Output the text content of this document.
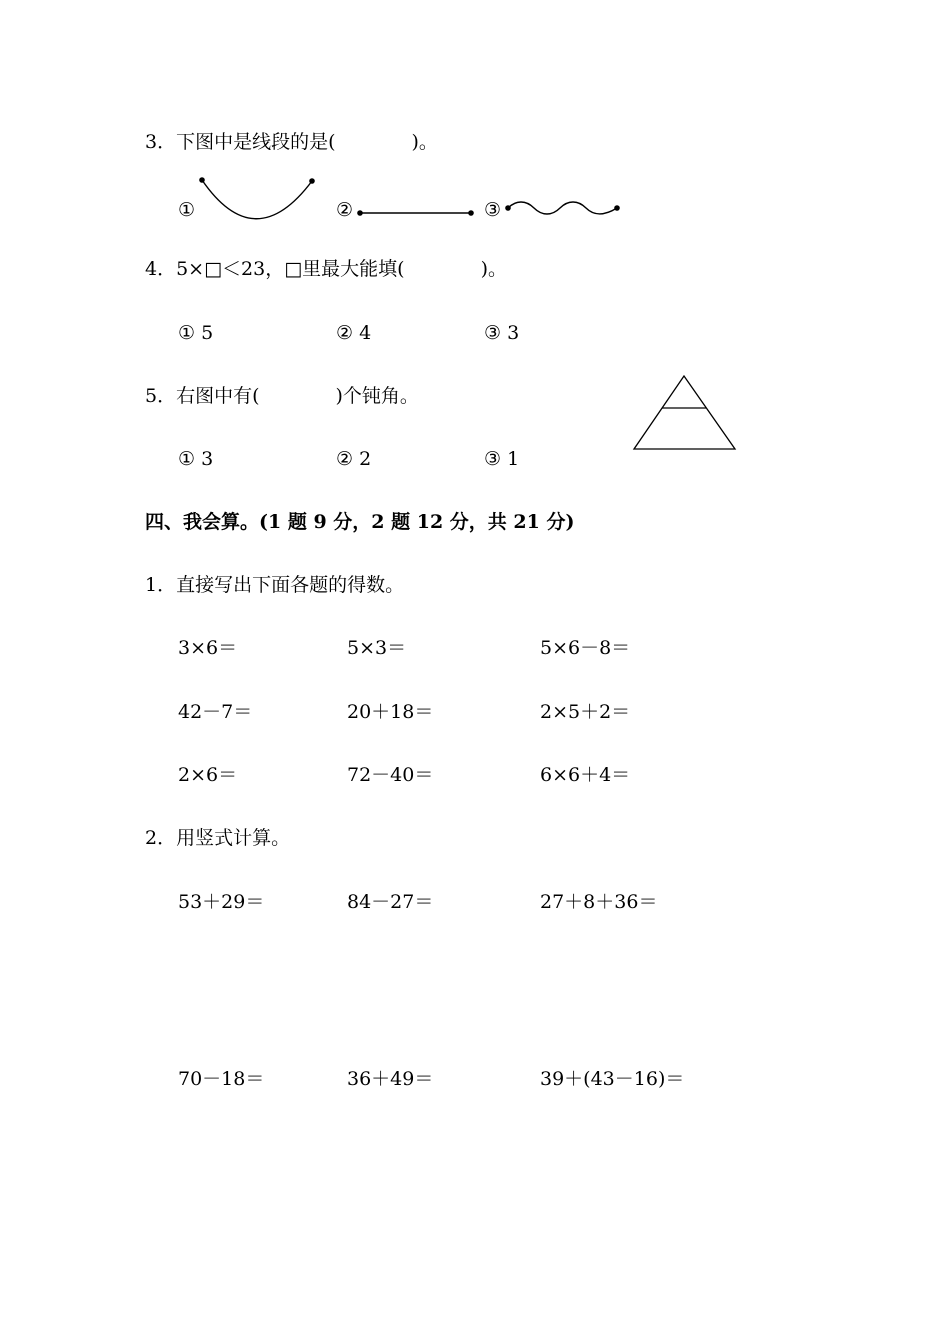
3．下图中是线段的是(　　　　)。
①	②	③
4．5×□＜23，□里最大能填(　　　　)。
① 5	② 4	③ 3
5．右图中有(　　　　)个钝角。
① 3	② 2	③ 1
四、我会算。(1 题 9 分，2 题 12 分，共 21 分)
1．直接写出下面各题的得数。
3×6＝	5×3＝	5×6－8＝
42－7＝	20＋18＝	2×5＋2＝
2×6＝	72－40＝	6×6＋4＝
2．用竖式计算。
53＋29＝	84－27＝	27＋8＋36＝
70－18＝	36＋49＝	39＋(43－16)＝
